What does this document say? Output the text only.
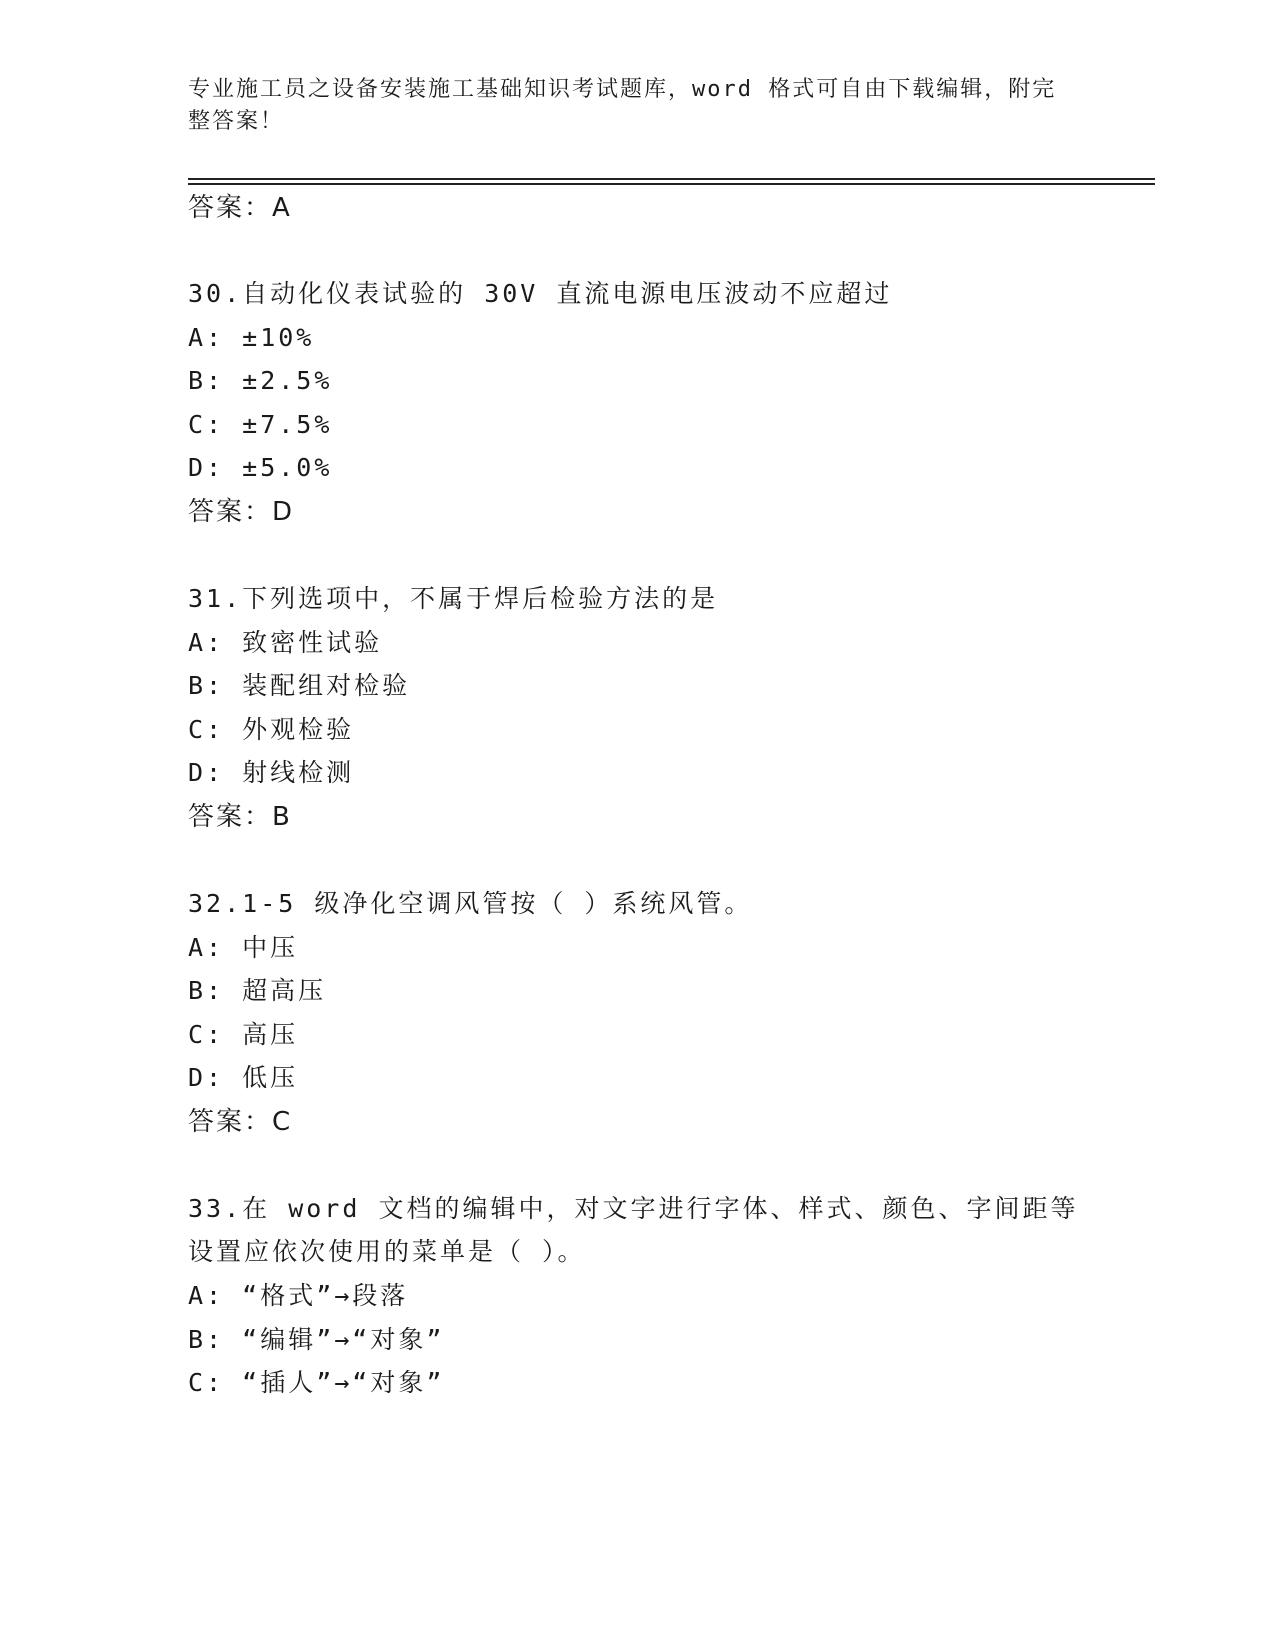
专业施工员之设备安装施工基础知识考试题库，word 格式可自由下载编辑，附完
整答案！
答案：A
30.自动化仪表试验的 30V 直流电源电压波动不应超过
A: ±10%
B: ±2.5%
C: ±7.5%
D: ±5.0%
答案：D
31.下列选项中，不属于焊后检验方法的是
A: 致密性试验
B: 装配组对检验
C: 外观检验
D: 射线检测
答案：B
32.1-5 级净化空调风管按（ ）系统风管。
A: 中压
B: 超高压
C: 高压
D: 低压
答案：C
33.在 word 文档的编辑中，对文字进行字体、样式、颜色、字间距等
设置应依次使用的菜单是（ ）。
A: “格式”→段落
B: “编辑”→“对象”
C: “插人”→“对象”
